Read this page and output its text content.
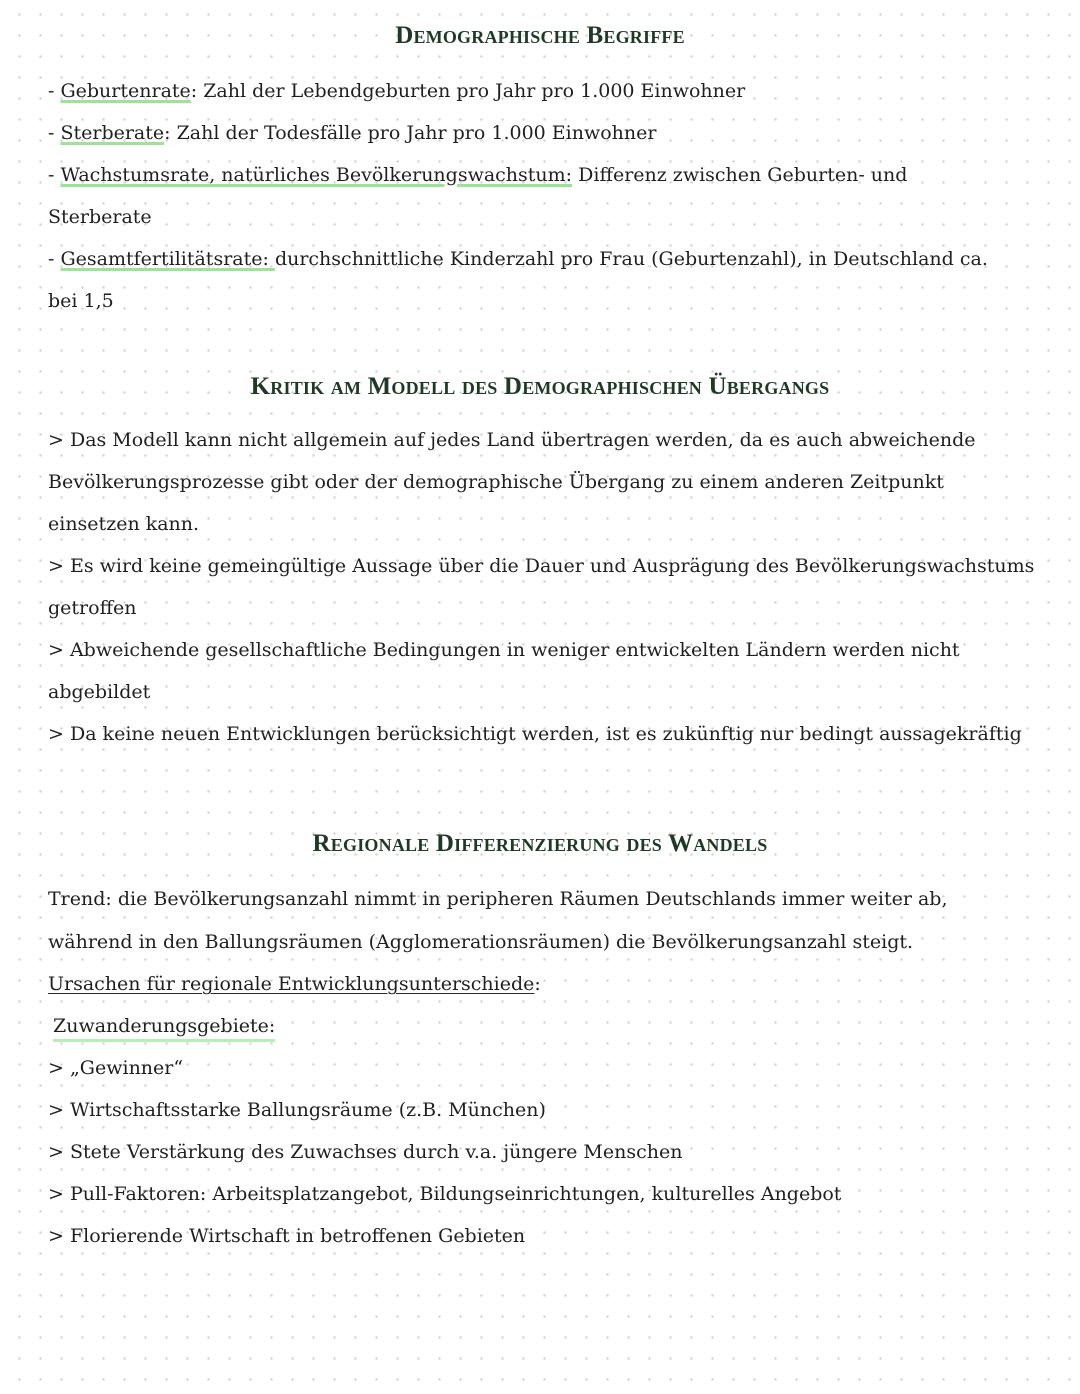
Demographische Begriffe
- Geburtenrate: Zahl der Lebendgeburten pro Jahr pro 1.000 Einwohner
- Sterberate: Zahl der Todesfälle pro Jahr pro 1.000 Einwohner
- Wachstumsrate, natürliches Bevölkerungswachstum: Differenz zwischen Geburten- und
Sterberate
- Gesamtfertilitätsrate: durchschnittliche Kinderzahl pro Frau (Geburtenzahl), in Deutschland ca.
bei 1,5
Kritik am Modell des Demographischen Übergangs
> Das Modell kann nicht allgemein auf jedes Land übertragen werden, da es auch abweichende
Bevölkerungsprozesse gibt oder der demographische Übergang zu einem anderen Zeitpunkt
einsetzen kann.
> Es wird keine gemeingültige Aussage über die Dauer und Ausprägung des Bevölkerungswachstums
getroffen
> Abweichende gesellschaftliche Bedingungen in weniger entwickelten Ländern werden nicht
abgebildet
> Da keine neuen Entwicklungen berücksichtigt werden, ist es zukünftig nur bedingt aussagekräftig
Regionale Differenzierung des Wandels
Trend: die Bevölkerungsanzahl nimmt in peripheren Räumen Deutschlands immer weiter ab,
während in den Ballungsräumen (Agglomerationsräumen) die Bevölkerungsanzahl steigt.
Ursachen für regionale Entwicklungsunterschiede:
Zuwanderungsgebiete:
> „Gewinner“
> Wirtschaftsstarke Ballungsräume (z.B. München)
> Stete Verstärkung des Zuwachses durch v.a. jüngere Menschen
> Pull-Faktoren: Arbeitsplatzangebot, Bildungseinrichtungen, kulturelles Angebot
> Florierende Wirtschaft in betroffenen Gebieten
